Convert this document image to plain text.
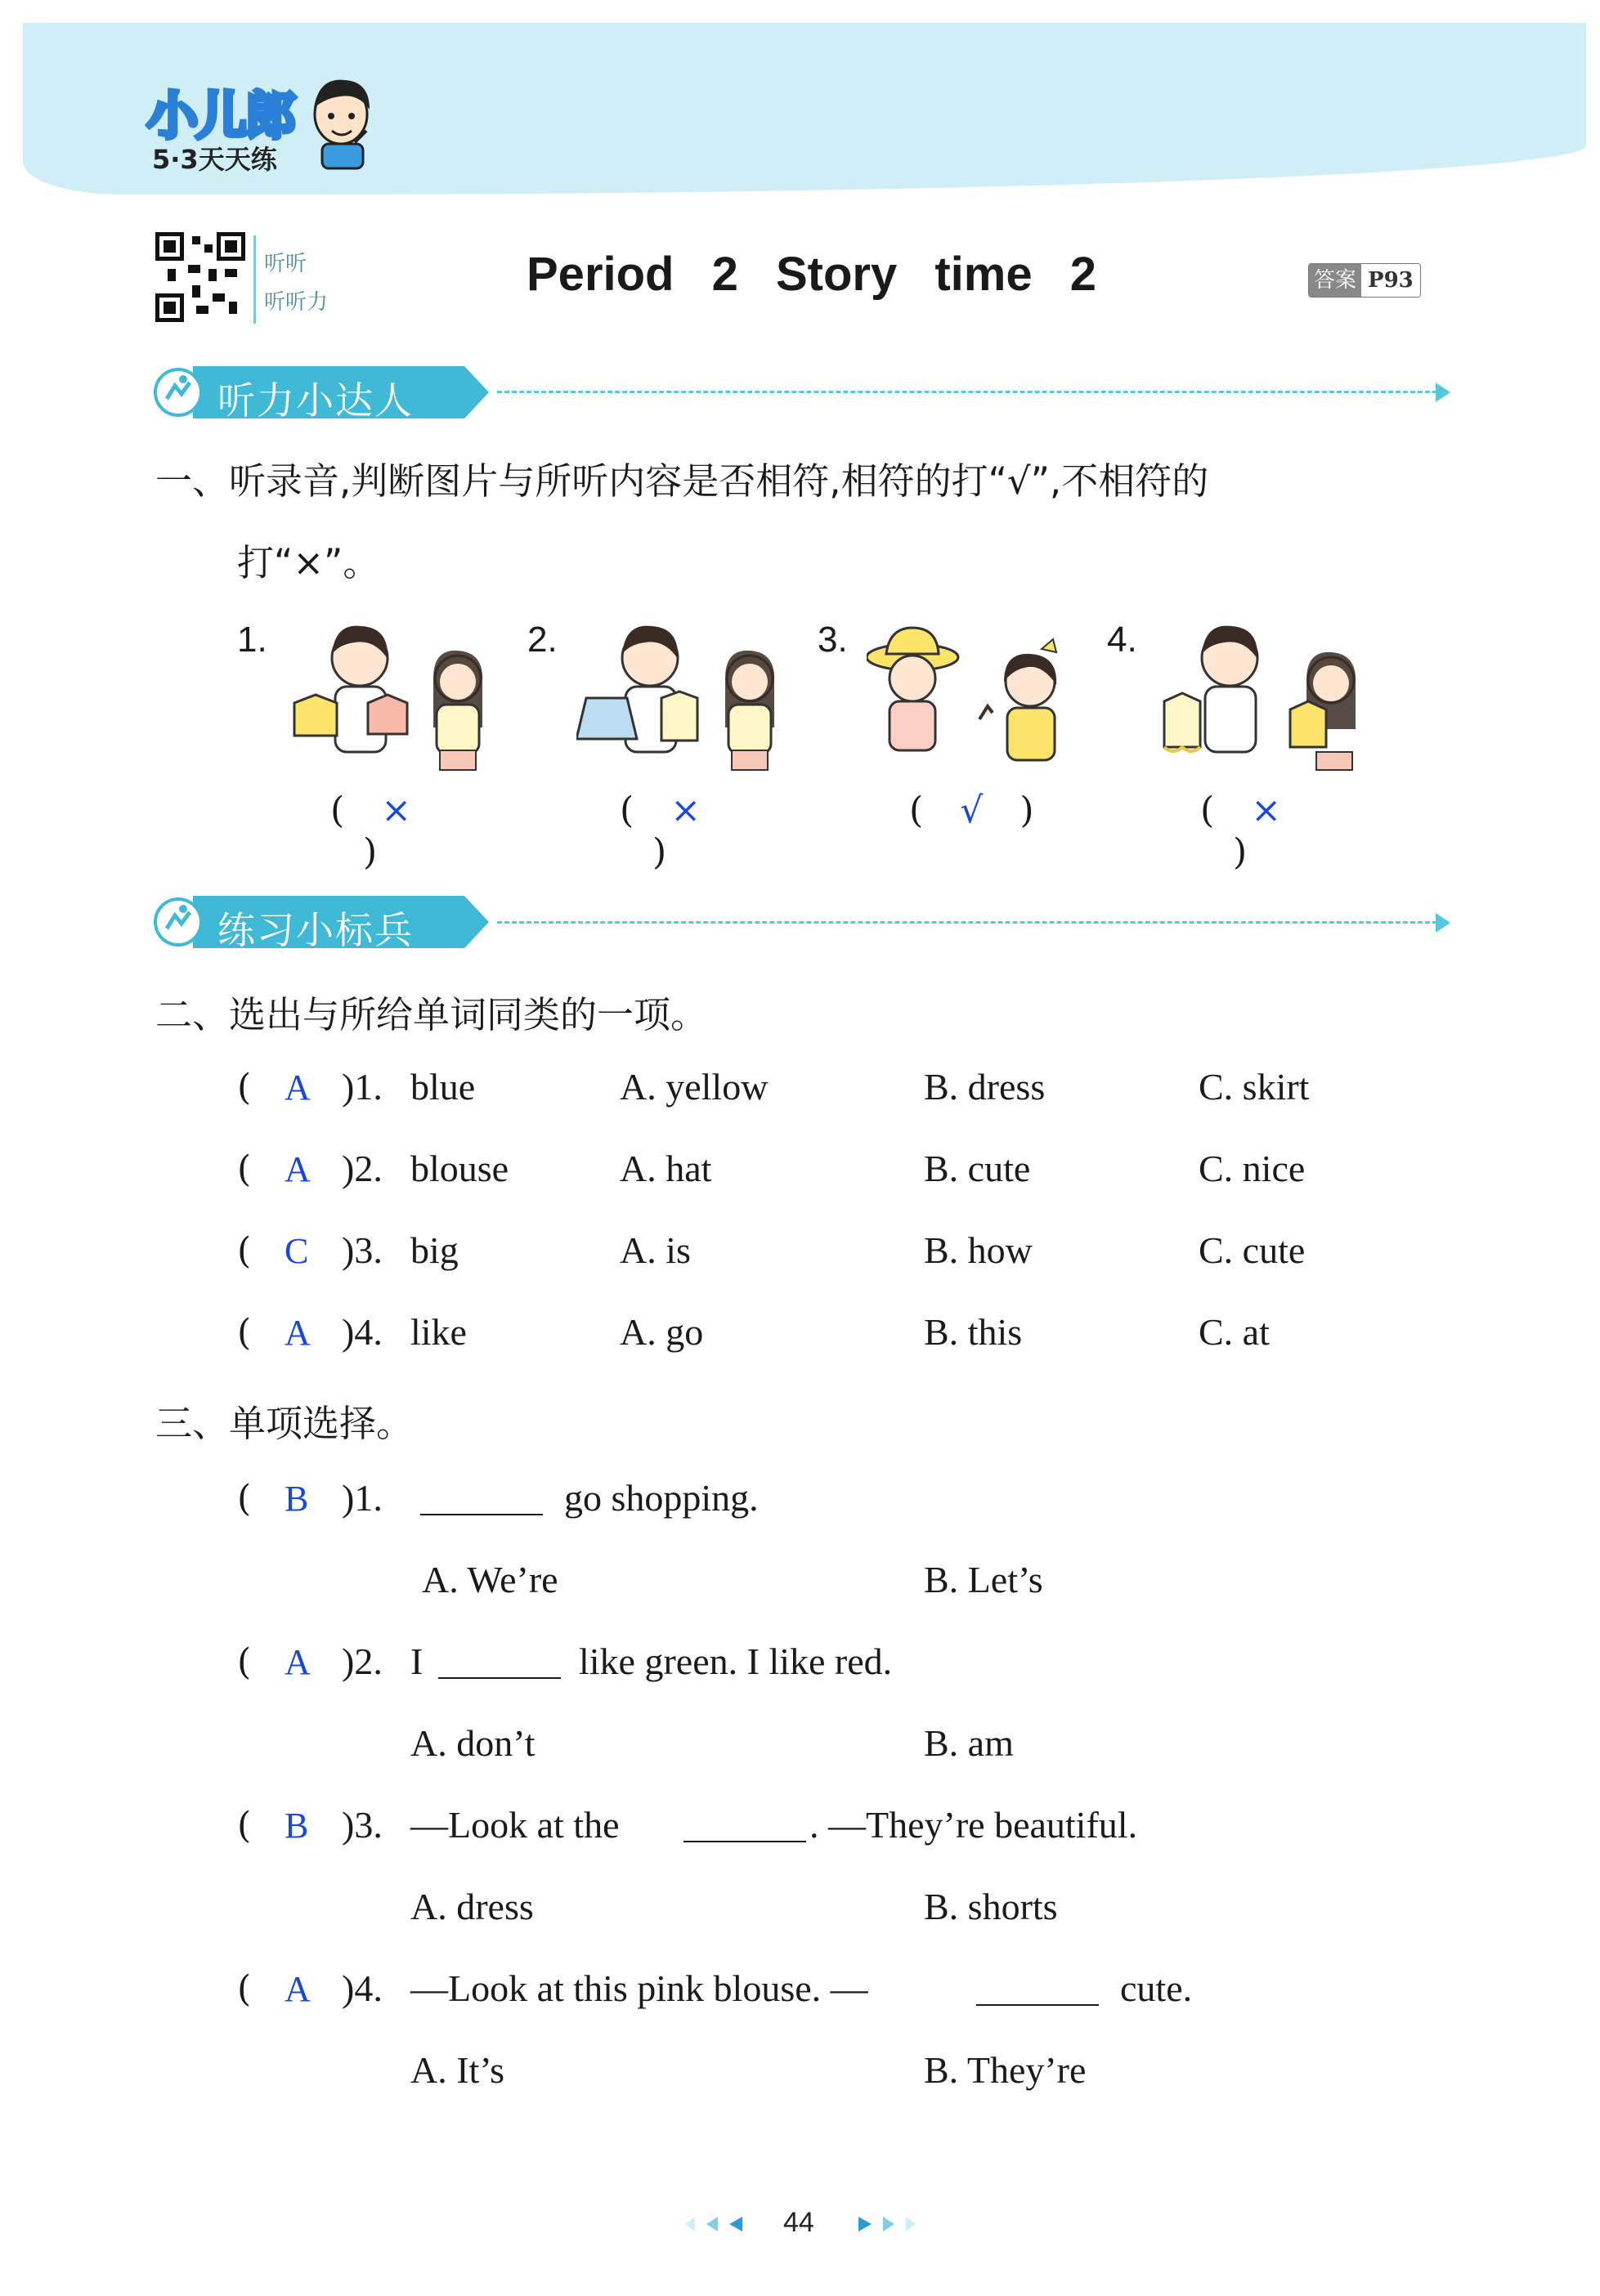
小儿郎
5·3天天练
听听
听听力
Period 2 Story time 2	答案 P93
听力小达人
一、听录音,判断图片与所听内容是否相符,相符的打“√”,不相符的
打“×”。
1.	2.	3.	4.
( × )
( × )
( √ )	( × )
练习小标兵
二、选出与所给单词同类的一项。
( A )1. blue	A. yellow	B. dress	C. skirt
( A )2. blouse	A. hat	B. cute	C. nice
( C )3. big	A. is	B. how	C. cute
( A )4. like	A. go	B. this	C. at
三、单项选择。
( B )1.	go shopping.
A. We’re	B. Let’s
( A )2. I	like green. I like red.
A. don’t	B. am
( B )3. —Look at the	. —They’re beautiful.
A. dress	B. shorts
( A )4. —Look at this pink blouse. —	cute.
A. It’s	B. They’re
44
